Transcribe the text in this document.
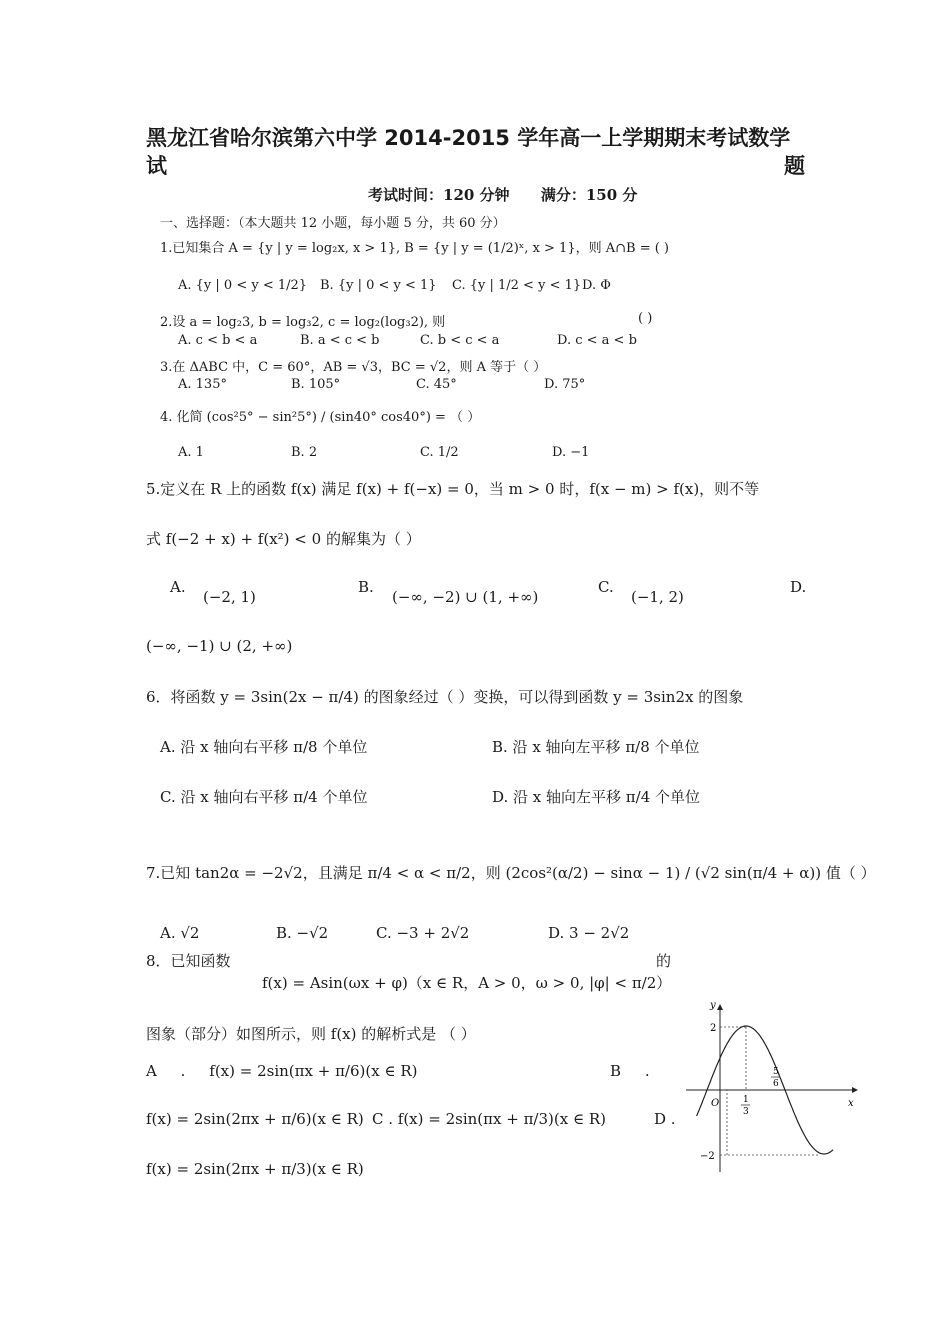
黑龙江省哈尔滨第六中学 2014-2015 学年高一上学期期末考试数学
试	题
考试时间：120 分钟      满分：150 分
一、选择题：（本大题共 12 小题，每小题 5 分，共 60 分）
1.已知集合 A = {y | y = log₂x, x > 1}, B = {y | y = (1/2)ˣ, x > 1}，则 A∩B = ( )
A. {y | 0 < y < 1/2} B. {y | 0 < y < 1} C. {y | 1/2 < y < 1} D. Φ
2.设 a = log₂3, b = log₃2, c = log₂(log₃2), 则	( )
A. c < b < a	B. a < c < b	C. b < c < a	D. c < a < b
3.在 ΔABC 中，C = 60°，AB = √3，BC = √2，则 A 等于（ ）
A. 135°	B. 105°	C. 45°	D. 75°
4. 化简 (cos²5° − sin²5°) / (sin40° cos40°) = （ ）
A. 1	B. 2	C. 1/2	D. −1
5.定义在 R 上的函数 f(x) 满足 f(x) + f(−x) = 0，当 m > 0 时，f(x − m) > f(x)，则不等
式 f(−2 + x) + f(x²) < 0 的解集为（ ）
A.
(−2, 1)
B.
(−∞, −2) ∪ (1, +∞)
C.
(−1, 2)
D.
(−∞, −1) ∪ (2, +∞)
6．将函数 y = 3sin(2x − π/4) 的图象经过（ ）变换，可以得到函数 y = 3sin2x 的图象
A. 沿 x 轴向右平移 π/8 个单位	B. 沿 x 轴向左平移 π/8 个单位
C. 沿 x 轴向右平移 π/4 个单位	D. 沿 x 轴向左平移 π/4 个单位
7.已知 tan2α = −2√2，且满足 π/4 < α < π/2，则 (2cos²(α/2) − sinα − 1) / (√2 sin(π/4 + α)) 值（ ）
A. √2	B. −√2	C. −3 + 2√2	D. 3 − 2√2
8．已知函数
f(x) = Asin(ωx + φ)（x ∈ R，A > 0，ω > 0, |φ| < π/2）
的
图象（部分）如图所示，则 f(x) 的解析式是 （ ）
A     .     f(x) = 2sin(πx + π/6)(x ∈ R)	B     .
f(x) = 2sin(2πx + π/6)(x ∈ R) C . f(x) = 2sin(πx + π/3)(x ∈ R)	D .
f(x) = 2sin(2πx + π/3)(x ∈ R)
y
x
O
2
−2
1
3
5
6
